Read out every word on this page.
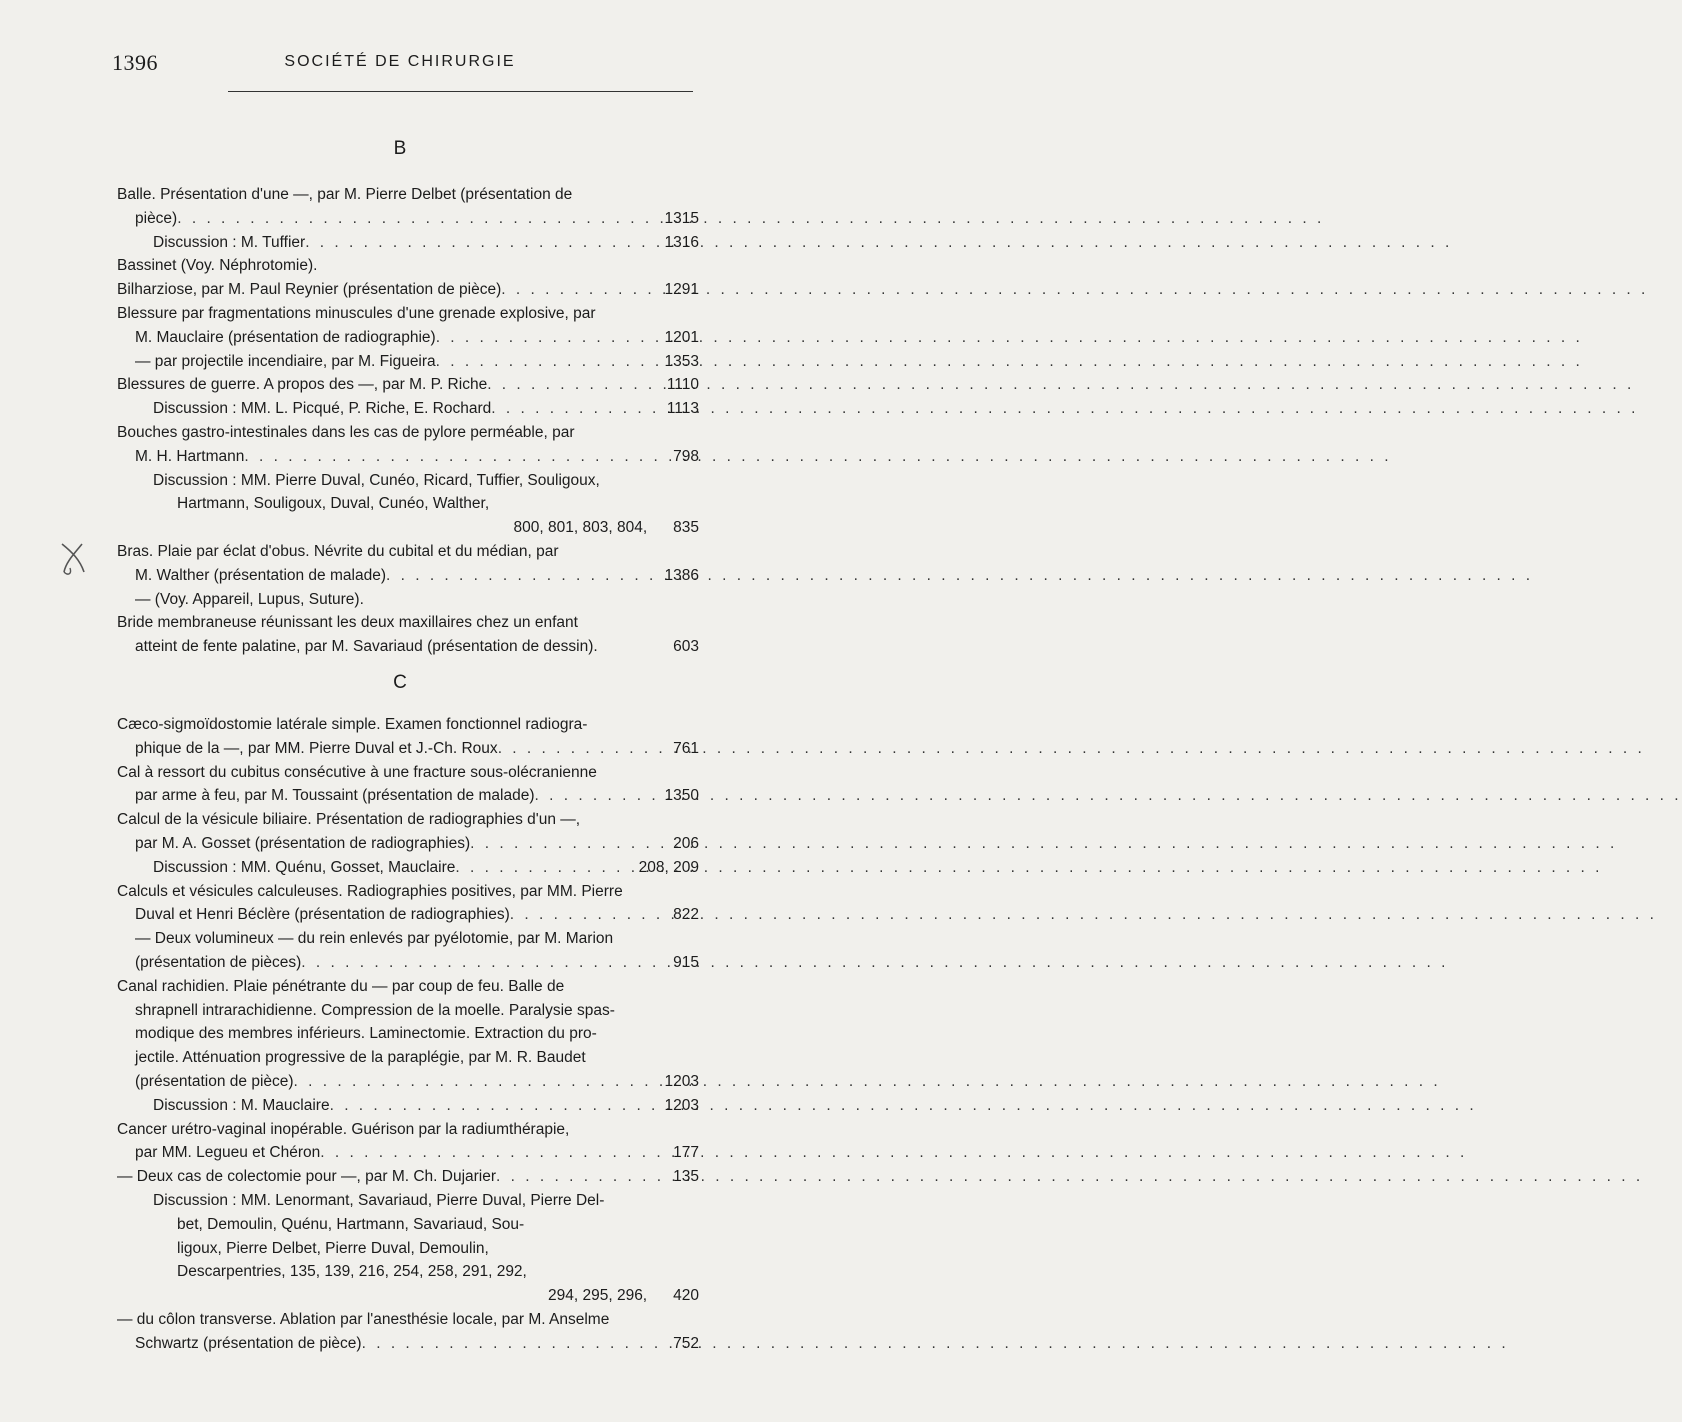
1396	SOCIÉTÉ DE CHIRURGIE
B
Balle. Présentation d'une —, par M. Pierre Delbet (présentation de
pièce) . . .	1315
Discussion : M. Tuffier . . .	1316
Bassinet (Voy. Néphrotomie).
Bilharziose, par M. Paul Reynier (présentation de pièce) . . .	1291
Blessure par fragmentations minuscules d'une grenade explosive, par
M. Mauclaire (présentation de radiographie) . . .	1201
— par projectile incendiaire, par M. Figueira . . .	1353
Blessures de guerre. A propos des —, par M. P. Riche . . .	1110
Discussion : MM. L. Picqué, P. Riche, E. Rochard . . .	1113
Bouches gastro-intestinales dans les cas de pylore perméable, par
M. H. Hartmann . . .	798
Discussion : MM. Pierre Duval, Cunéo, Ricard, Tuffier, Souligoux,
Hartmann, Souligoux, Duval, Cunéo, Walther,
800, 801, 803, 804,	835
Bras. Plaie par éclat d'obus. Névrite du cubital et du médian, par
M. Walther (présentation de malade) . . .	1386
— (Voy. Appareil, Lupus, Suture).
Bride membraneuse réunissant les deux maxillaires chez un enfant
atteint de fente palatine, par M. Savariaud (présentation de dessin).	603
C
Cæco-sigmoïdostomie latérale simple. Examen fonctionnel radiogra-
phique de la —, par MM. Pierre Duval et J.-Ch. Roux . . .	761
Cal à ressort du cubitus consécutive à une fracture sous-olécranienne
par arme à feu, par M. Toussaint (présentation de malade) . . .	1350
Calcul de la vésicule biliaire. Présentation de radiographies d'un —,
par M. A. Gosset (présentation de radiographies) . . .	206
Discussion : MM. Quénu, Gosset, Mauclaire . . .	208, 209
Calculs et vésicules calculeuses. Radiographies positives, par MM. Pierre
Duval et Henri Béclère (présentation de radiographies) . . .	822
— Deux volumineux — du rein enlevés par pyélotomie, par M. Marion
(présentation de pièces) . . .	915
Canal rachidien. Plaie pénétrante du — par coup de feu. Balle de
shrapnell intrarachidienne. Compression de la moelle. Paralysie spas-
modique des membres inférieurs. Laminectomie. Extraction du pro-
jectile. Atténuation progressive de la paraplégie, par M. R. Baudet
(présentation de pièce) . . .	1203
Discussion : M. Mauclaire . . .	1203
Cancer urétro-vaginal inopérable. Guérison par la radiumthérapie,
par MM. Legueu et Chéron . . .	177
— Deux cas de colectomie pour —, par M. Ch. Dujarier . . .	135
Discussion : MM. Lenormant, Savariaud, Pierre Duval, Pierre Del-
bet, Demoulin, Quénu, Hartmann, Savariaud, Sou-
ligoux, Pierre Delbet, Pierre Duval, Demoulin,
Descarpentries, 135, 139, 216, 254, 258, 291, 292,
294, 295, 296,	420
— du côlon transverse. Ablation par l'anesthésie locale, par M. Anselme
Schwartz (présentation de pièce) . . .	752
